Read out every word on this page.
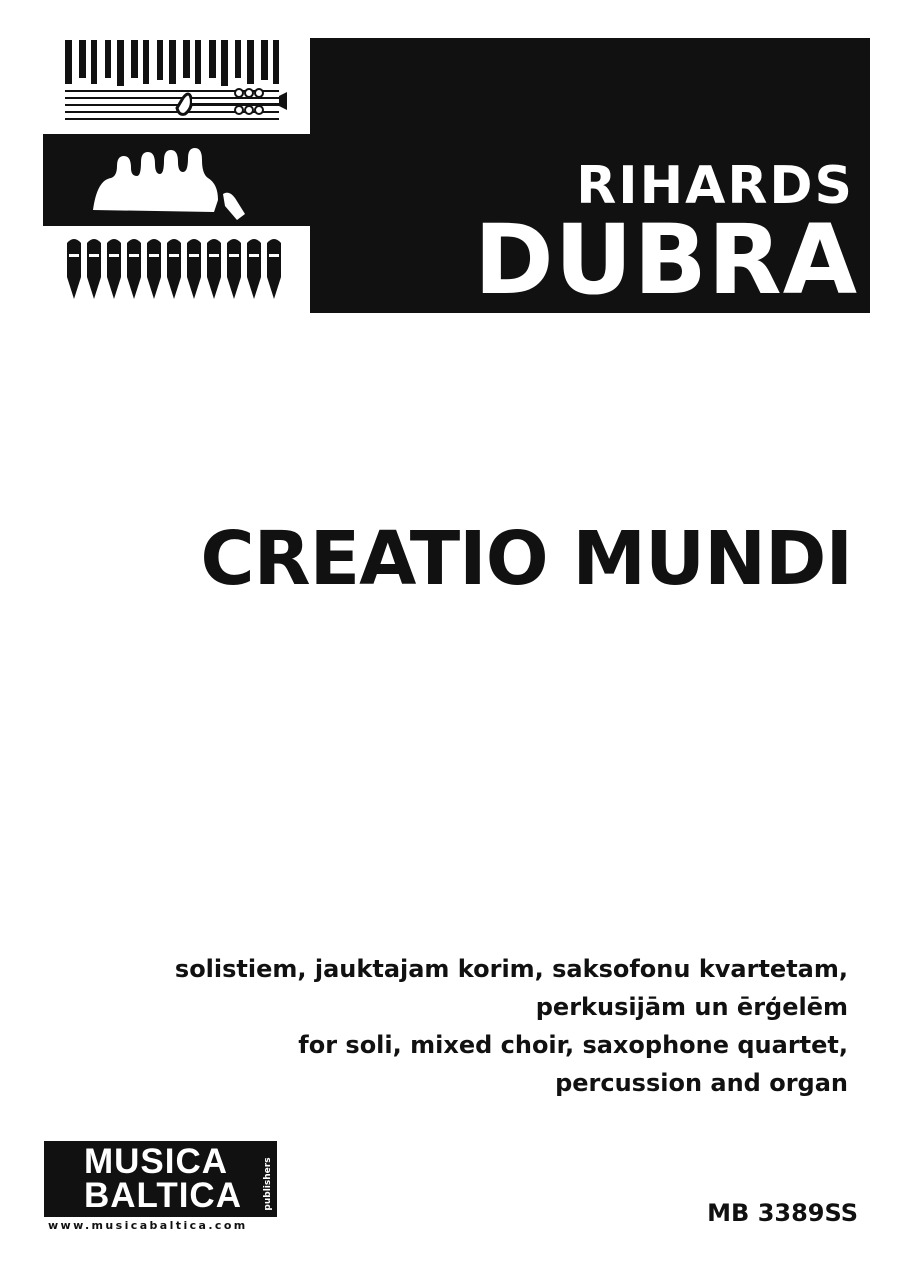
RIHARDS
DUBRA
CREATIO MUNDI
solistiem, jauktajam korim, saksofonu kvartetam,
perkusijām un ērģelēm
for soli, mixed choir, saxophone quartet,
percussion and organ
MUSICA
BALTICA publishers
www.musicabaltica.com	MB 3389SS
